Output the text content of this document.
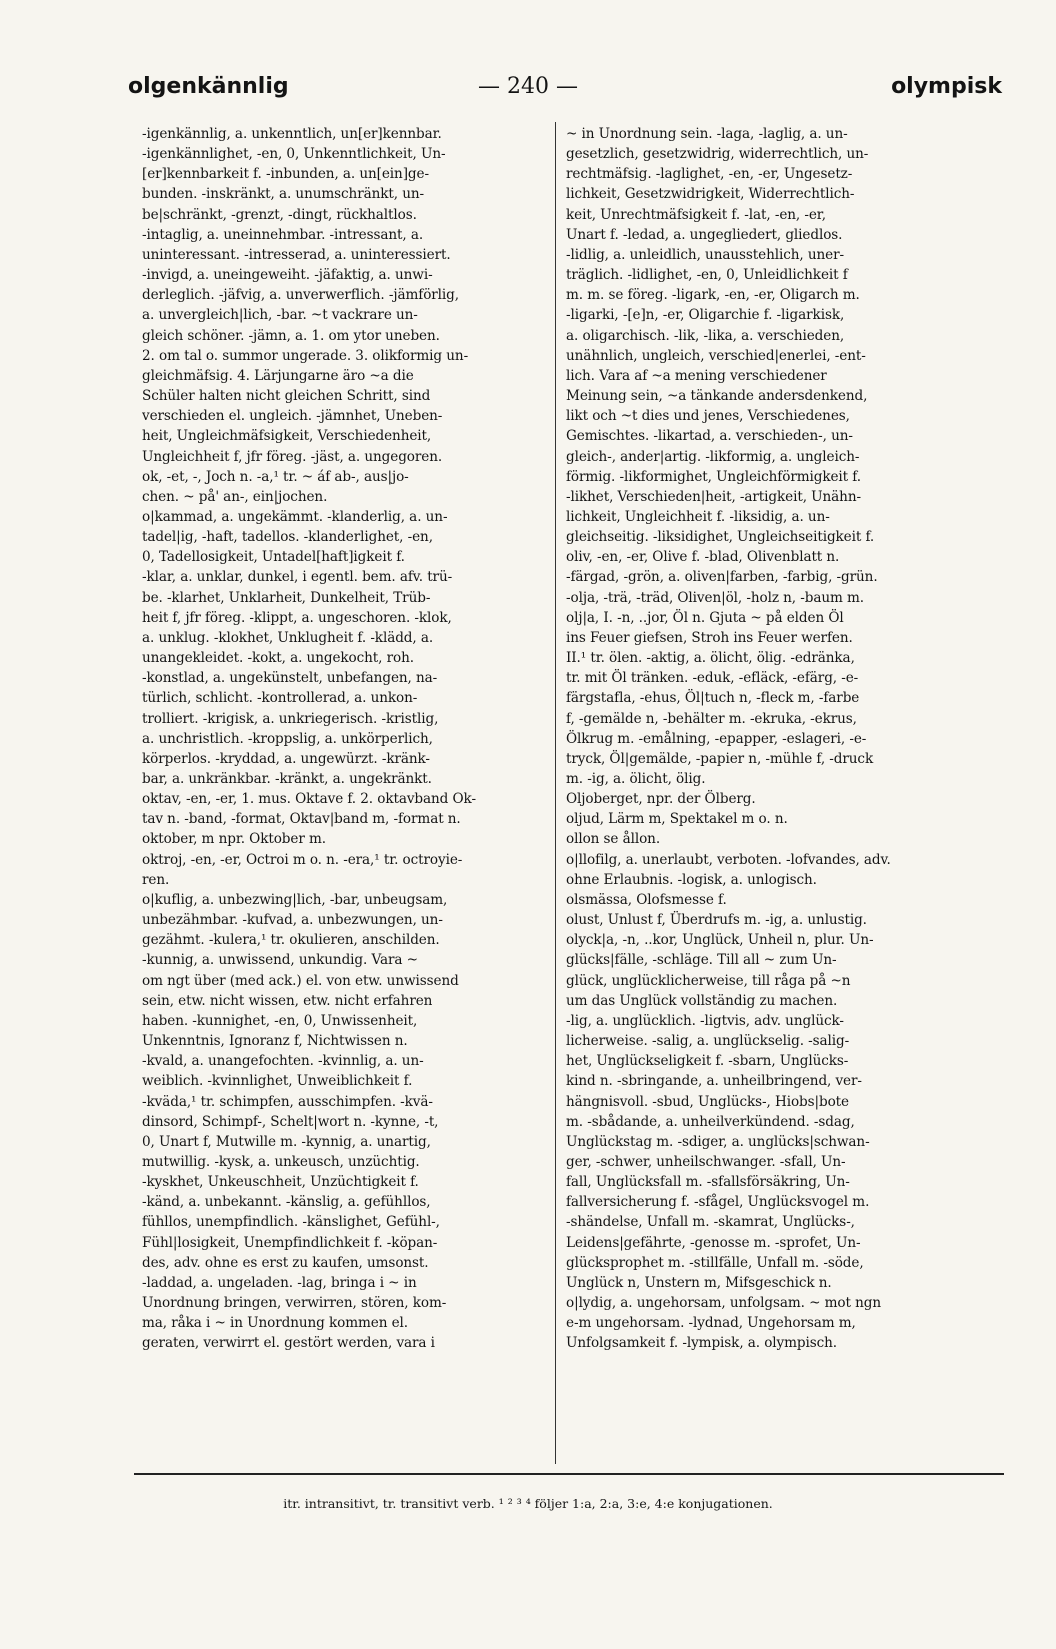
olgenkännlig	— 240 —	olympisk
-igenkännlig, a. unkenntlich, un[er]kennbar.
-igenkännlighet, -en, 0, Unkenntlichkeit, Un-
[er]kennbarkeit f. -inbunden, a. un[ein]ge-
bunden. -inskränkt, a. unumschränkt, un-
be|schränkt, -grenzt, -dingt, rückhaltlos.
-intaglig, a. uneinnehmbar. -intressant, a.
uninteressant. -intresserad, a. uninteressiert.
-invigd, a. uneingeweiht. -jäfaktig, a. unwi-
derleglich. -jäfvig, a. unverwerflich. -jämförlig,
a. unvergleich|lich, -bar. ~t vackrare un-
gleich schöner. -jämn, a. 1. om ytor uneben.
2. om tal o. summor ungerade. 3. olikformig un-
gleichmäfsig. 4. Lärjungarne äro ~a die
Schüler halten nicht gleichen Schritt, sind
verschieden el. ungleich. -jämnhet, Uneben-
heit, Ungleichmäfsigkeit, Verschiedenheit,
Ungleichheit f, jfr föreg. -jäst, a. ungegoren.
ok, -et, -, Joch n. -a,¹ tr. ~ áf ab-, aus|jo-
chen. ~ på' an-, ein|jochen.
o|kammad, a. ungekämmt. -klanderlig, a. un-
tadel|ig, -haft, tadellos. -klanderlighet, -en,
0, Tadellosigkeit, Untadel[haft]igkeit f.
-klar, a. unklar, dunkel, i egentl. bem. afv. trü-
be. -klarhet, Unklarheit, Dunkelheit, Trüb-
heit f, jfr föreg. -klippt, a. ungeschoren. -klok,
a. unklug. -klokhet, Unklugheit f. -klädd, a.
unangekleidet. -kokt, a. ungekocht, roh.
-konstlad, a. ungekünstelt, unbefangen, na-
türlich, schlicht. -kontrollerad, a. unkon-
trolliert. -krigisk, a. unkriegerisch. -kristlig,
a. unchristlich. -kroppslig, a. unkörperlich,
körperlos. -kryddad, a. ungewürzt. -kränk-
bar, a. unkränkbar. -kränkt, a. ungekränkt.
oktav, -en, -er, 1. mus. Oktave f. 2. oktavband Ok-
tav n. -band, -format, Oktav|band m, -format n.
oktober, m npr. Oktober m.
oktroj, -en, -er, Octroi m o. n. -era,¹ tr. octroyie-
ren.
o|kuflig, a. unbezwing|lich, -bar, unbeugsam,
unbezähmbar. -kufvad, a. unbezwungen, un-
gezähmt. -kulera,¹ tr. okulieren, anschilden.
-kunnig, a. unwissend, unkundig. Vara ~
om ngt über (med ack.) el. von etw. unwissend
sein, etw. nicht wissen, etw. nicht erfahren
haben. -kunnighet, -en, 0, Unwissenheit,
Unkenntnis, Ignoranz f, Nichtwissen n.
-kvald, a. unangefochten. -kvinnlig, a. un-
weiblich. -kvinnlighet, Unweiblichkeit f.
-kväda,¹ tr. schimpfen, ausschimpfen. -kvä-
dinsord, Schimpf-, Schelt|wort n. -kynne, -t,
0, Unart f, Mutwille m. -kynnig, a. unartig,
mutwillig. -kysk, a. unkeusch, unzüchtig.
-kyskhet, Unkeuschheit, Unzüchtigkeit f.
-känd, a. unbekannt. -känslig, a. gefühllos,
fühllos, unempfindlich. -känslighet, Gefühl-,
Fühl|losigkeit, Unempfindlichkeit f. -köpan-
des, adv. ohne es erst zu kaufen, umsonst.
-laddad, a. ungeladen. -lag, bringa i ~ in
Unordnung bringen, verwirren, stören, kom-
ma, råka i ~ in Unordnung kommen el.
geraten, verwirrt el. gestört werden, vara i
~ in Unordnung sein. -laga, -laglig, a. un-
gesetzlich, gesetzwidrig, widerrechtlich, un-
rechtmäfsig. -laglighet, -en, -er, Ungesetz-
lichkeit, Gesetzwidrigkeit, Widerrechtlich-
keit, Unrechtmäfsigkeit f. -lat, -en, -er,
Unart f. -ledad, a. ungegliedert, gliedlos.
-lidlig, a. unleidlich, unausstehlich, uner-
träglich. -lidlighet, -en, 0, Unleidlichkeit f
m. m. se föreg. -ligark, -en, -er, Oligarch m.
-ligarki, -[e]n, -er, Oligarchie f. -ligarkisk,
a. oligarchisch. -lik, -lika, a. verschieden,
unähnlich, ungleich, verschied|enerlei, -ent-
lich. Vara af ~a mening verschiedener
Meinung sein, ~a tänkande andersdenkend,
likt och ~t dies und jenes, Verschiedenes,
Gemischtes. -likartad, a. verschieden-, un-
gleich-, ander|artig. -likformig, a. ungleich-
förmig. -likformighet, Ungleichförmigkeit f.
-likhet, Verschieden|heit, -artigkeit, Unähn-
lichkeit, Ungleichheit f. -liksidig, a. un-
gleichseitig. -liksidighet, Ungleichseitigkeit f.
oliv, -en, -er, Olive f. -blad, Olivenblatt n.
-färgad, -grön, a. oliven|farben, -farbig, -grün.
-olja, -trä, -träd, Oliven|öl, -holz n, -baum m.
olj|a, I. -n, ..jor, Öl n. Gjuta ~ på elden Öl
ins Feuer giefsen, Stroh ins Feuer werfen.
II.¹ tr. ölen. -aktig, a. ölicht, ölig. -edränka,
tr. mit Öl tränken. -eduk, -efläck, -efärg, -e-
färgstafla, -ehus, Öl|tuch n, -fleck m, -farbe
f, -gemälde n, -behälter m. -ekruka, -ekrus,
Ölkrug m. -emålning, -epapper, -eslageri, -e-
tryck, Öl|gemälde, -papier n, -mühle f, -druck
m. -ig, a. ölicht, ölig.
Oljoberget, npr. der Ölberg.
oljud, Lärm m, Spektakel m o. n.
ollon se ållon.
o|llofilg, a. unerlaubt, verboten. -lofvandes, adv.
ohne Erlaubnis. -logisk, a. unlogisch.
olsmässa, Olofsmesse f.
olust, Unlust f, Überdrufs m. -ig, a. unlustig.
olyck|a, -n, ..kor, Unglück, Unheil n, plur. Un-
glücks|fälle, -schläge. Till all ~ zum Un-
glück, unglücklicherweise, till råga på ~n
um das Unglück vollständig zu machen.
-lig, a. unglücklich. -ligtvis, adv. unglück-
licherweise. -salig, a. unglückselig. -salig-
het, Unglückseligkeit f. -sbarn, Unglücks-
kind n. -sbringande, a. unheilbringend, ver-
hängnisvoll. -sbud, Unglücks-, Hiobs|bote
m. -sbådande, a. unheilverkündend. -sdag,
Unglückstag m. -sdiger, a. unglücks|schwan-
ger, -schwer, unheilschwanger. -sfall, Un-
fall, Unglücksfall m. -sfallsförsäkring, Un-
fallversicherung f. -sfågel, Unglücksvogel m.
-shändelse, Unfall m. -skamrat, Unglücks-,
Leidens|gefährte, -genosse m. -sprofet, Un-
glücksprophet m. -stillfälle, Unfall m. -söde,
Unglück n, Unstern m, Mifsgeschick n.
o|lydig, a. ungehorsam, unfolgsam. ~ mot ngn
e-m ungehorsam. -lydnad, Ungehorsam m,
Unfolgsamkeit f. -lympisk, a. olympisch.
itr. intransitivt, tr. transitivt verb. ¹ ² ³ ⁴ följer 1:a, 2:a, 3:e, 4:e konjugationen.
